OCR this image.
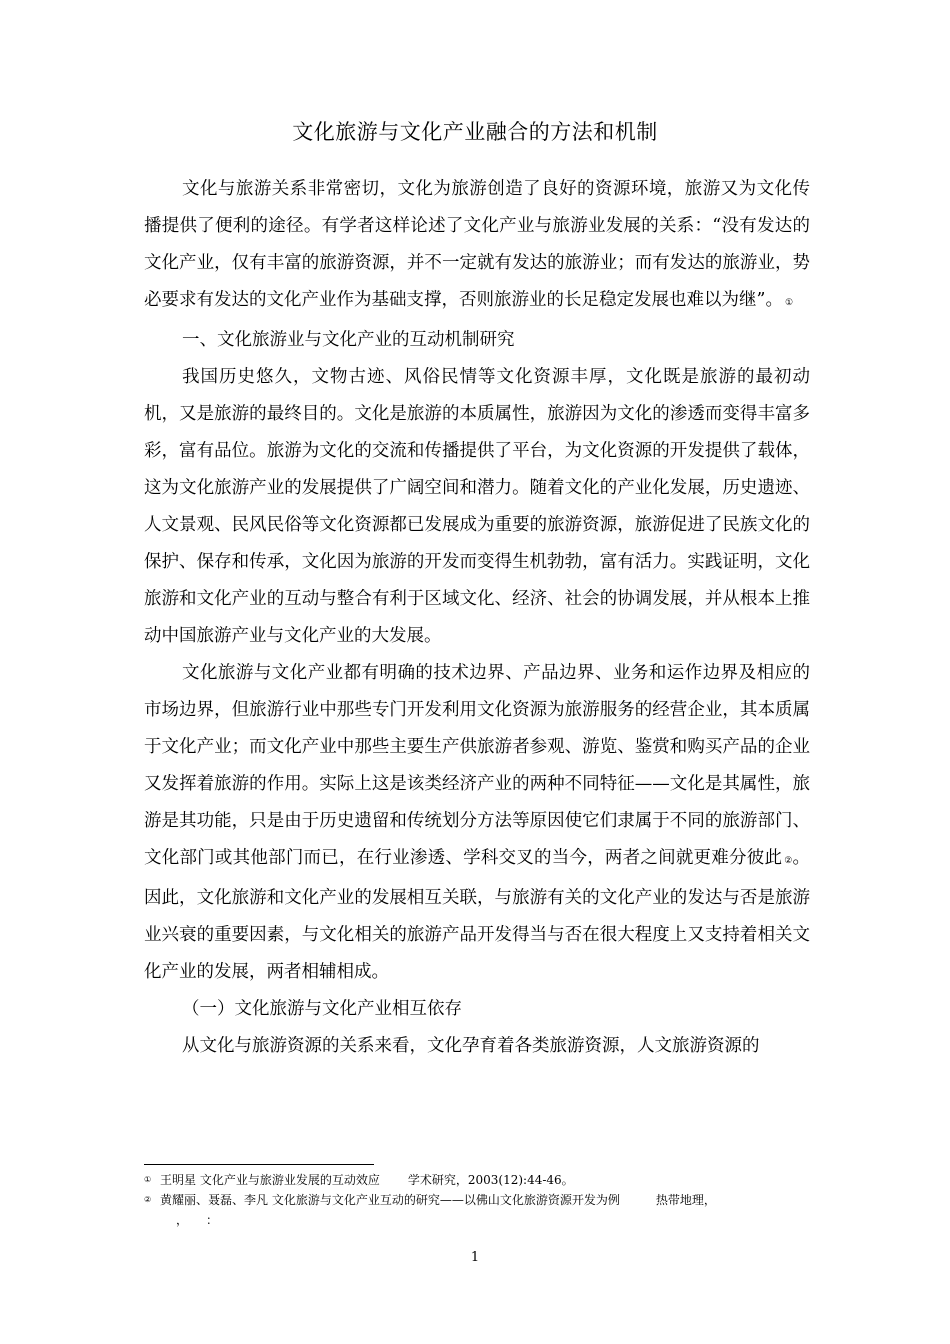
文化旅游与文化产业融合的方法和机制

文化与旅游关系非常密切，文化为旅游创造了良好的资源环境，旅游又为文化传播提供了便利的途径。有学者这样论述了文化产业与旅游业发展的关系：“没有发达的文化产业，仅有丰富的旅游资源，并不一定就有发达的旅游业；而有发达的旅游业，势必要求有发达的文化产业作为基础支撑，否则旅游业的长足稳定发展也难以为继”。 ①

一、文化旅游业与文化产业的互动机制研究

我国历史悠久，文物古迹、风俗民情等文化资源丰厚，文化既是旅游的最初动机，又是旅游的最终目的。文化是旅游的本质属性，旅游因为文化的渗透而变得丰富多彩，富有品位。旅游为文化的交流和传播提供了平台，为文化资源的开发提供了载体，这为文化旅游产业的发展提供了广阔空间和潜力。随着文化的产业化发展，历史遗迹、人文景观、民风民俗等文化资源都已发展成为重要的旅游资源，旅游促进了民族文化的保护、保存和传承，文化因为旅游的开发而变得生机勃勃，富有活力。实践证明，文化旅游和文化产业的互动与整合有利于区域文化、经济、社会的协调发展，并从根本上推动中国旅游产业与文化产业的大发展。

文化旅游与文化产业都有明确的技术边界、产品边界、业务和运作边界及相应的市场边界，但旅游行业中那些专门开发利用文化资源为旅游服务的经营企业，其本质属于文化产业；而文化产业中那些主要生产供旅游者参观、游览、鉴赏和购买产品的企业又发挥着旅游的作用。实际上这是该类经济产业的两种不同特征——文化是其属性，旅游是其功能，只是由于历史遗留和传统划分方法等原因使它们隶属于不同的旅游部门、文化部门或其他部门而已，在行业渗透、学科交叉的当今，两者之间就更难分彼此 ②。因此，文化旅游和文化产业的发展相互关联，与旅游有关的文化产业的发达与否是旅游业兴衰的重要因素，与文化相关的旅游产品开发得当与否在很大程度上又支持着相关文化产业的发展，两者相辅相成。

（一）文化旅游与文化产业相互依存

从文化与旅游资源的关系来看，文化孕育着各类旅游资源，人文旅游资源的

① 王明星 文化产业与旅游业发展的互动效应 学术研究，2003(12):44-46。

② 黄耀丽、聂磊、李凡 文化旅游与文化产业互动的研究——以佛山文化旅游资源开发为例	热带地理，

，　　：

1
